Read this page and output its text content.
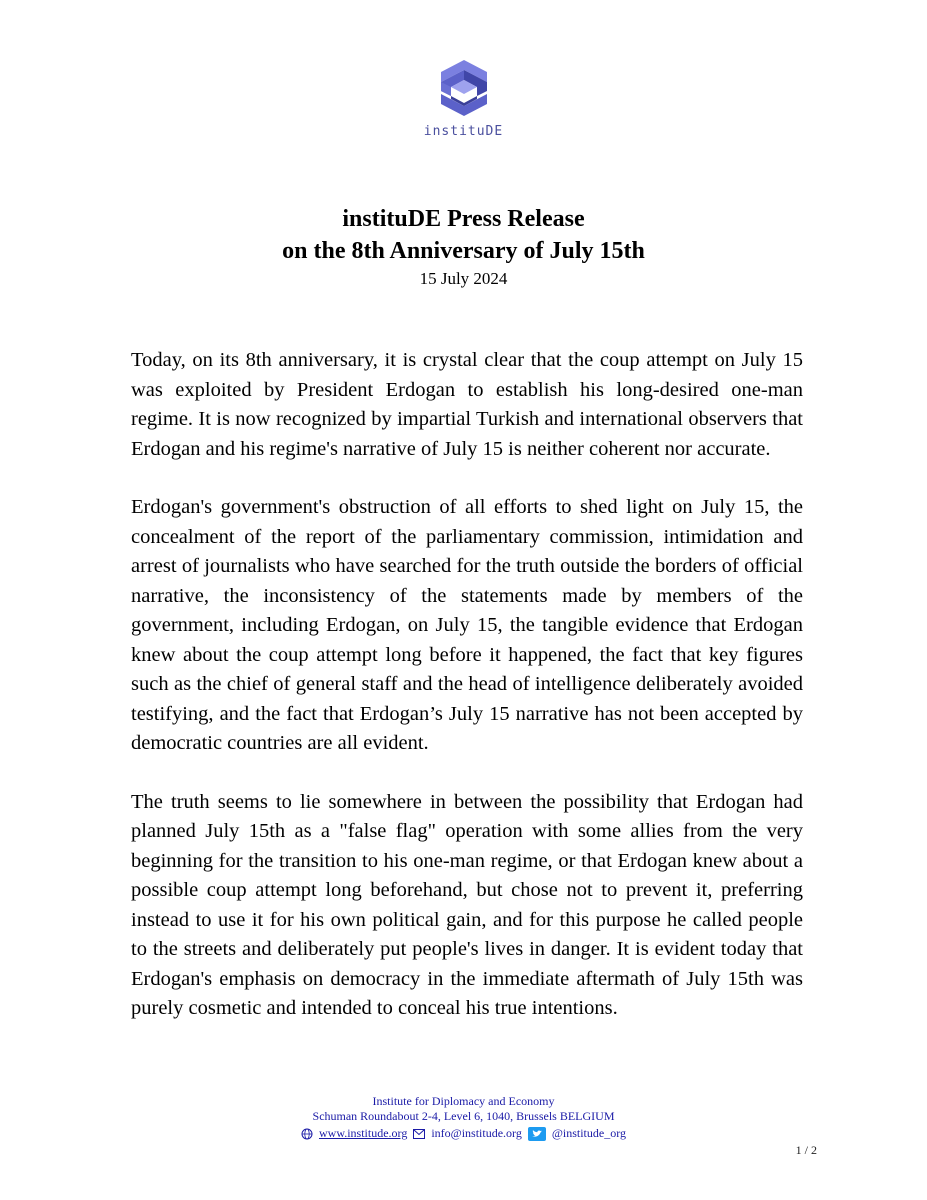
instituDE
instituDE Press Release
on the 8th Anniversary of July 15th
15 July 2024

Today, on its 8th anniversary, it is crystal clear that the coup attempt on July 15 was exploited by President Erdogan to establish his long-desired one-man regime. It is now recognized by impartial Turkish and international observers that Erdogan and his regime's narrative of July 15 is neither coherent nor accurate.

Erdogan's government's obstruction of all efforts to shed light on July 15, the concealment of the report of the parliamentary commission, intimidation and arrest of journalists who have searched for the truth outside the borders of official narrative, the inconsistency of the statements made by members of the government, including Erdogan, on July 15, the tangible evidence that Erdogan knew about the coup attempt long before it happened, the fact that key figures such as the chief of general staff and the head of intelligence deliberately avoided testifying, and the fact that Erdogan’s July 15 narrative has not been accepted by democratic countries are all evident.

The truth seems to lie somewhere in between the possibility that Erdogan had planned July 15th as a "false flag" operation with some allies from the very beginning for the transition to his one-man regime, or that Erdogan knew about a possible coup attempt long beforehand, but chose not to prevent it, preferring instead to use it for his own political gain, and for this purpose he called people to the streets and deliberately put people's lives in danger. It is evident today that Erdogan's emphasis on democracy in the immediate aftermath of July 15th was purely cosmetic and intended to conceal his true intentions.

Institute for Diplomacy and Economy
Schuman Roundabout 2-4, Level 6, 1040, Brussels BELGIUM
www.institude.org info@institude.org	@institude_org
1 / 2
